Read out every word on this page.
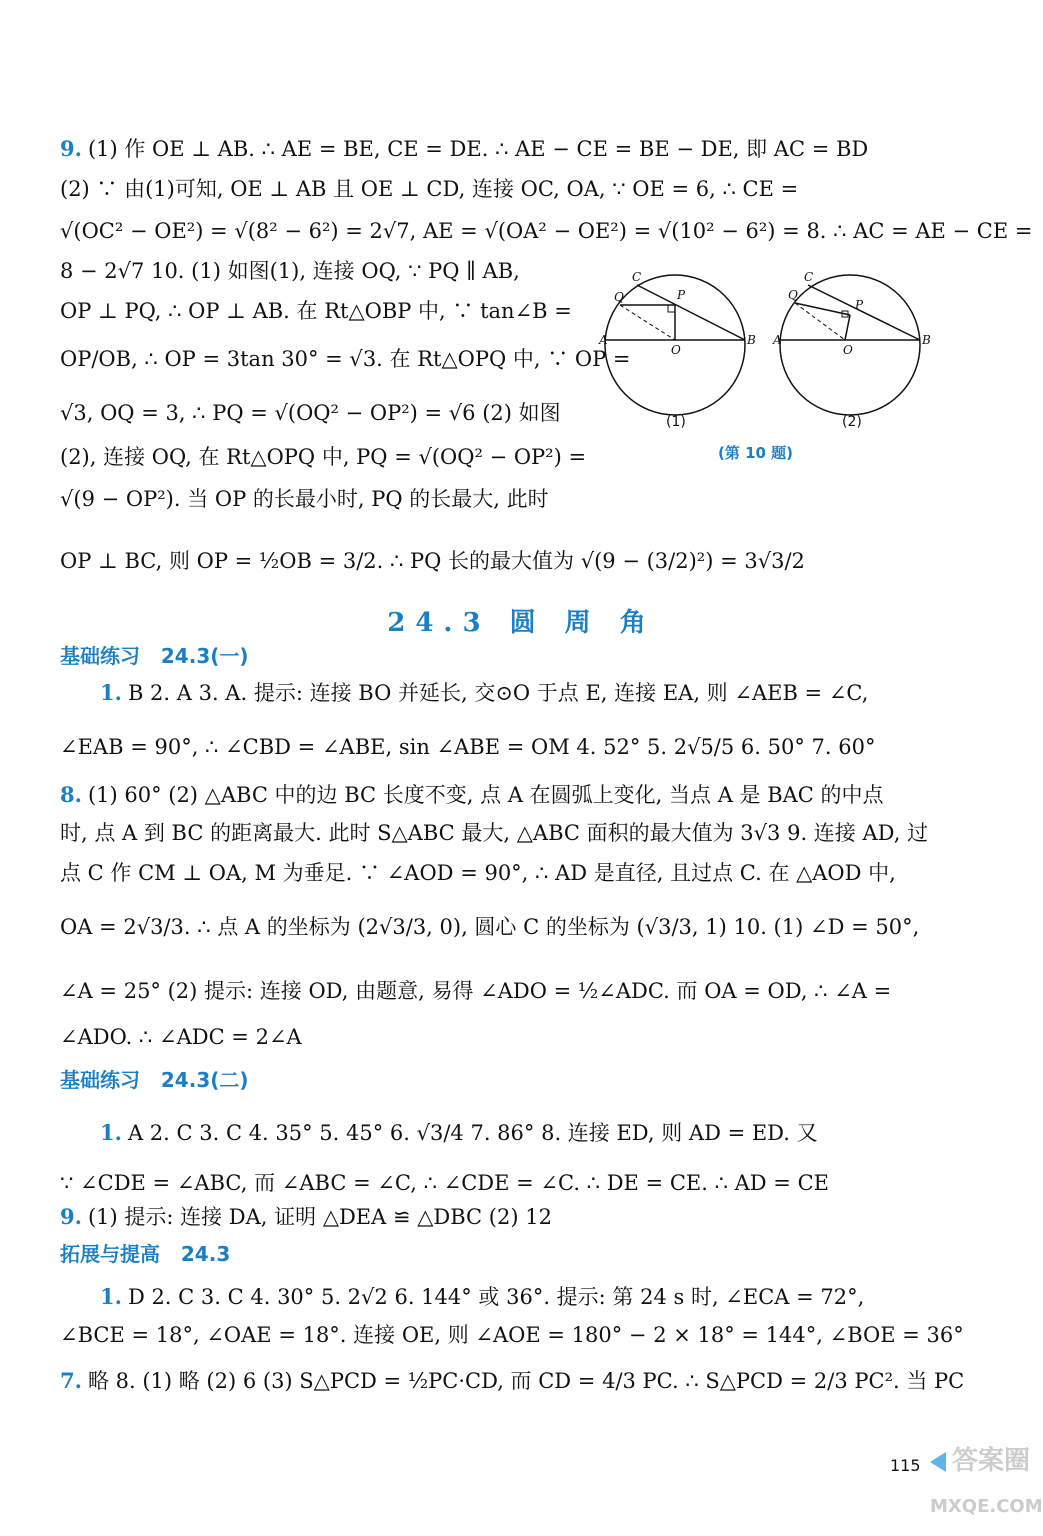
9. (1) 作 OE ⊥ AB. ∴ AE = BE, CE = DE. ∴ AE − CE = BE − DE, 即 AC = BD
(2) ∵ 由(1)可知, OE ⊥ AB 且 OE ⊥ CD, 连接 OC, OA, ∵ OE = 6, ∴ CE =
√(OC² − OE²) = √(8² − 6²) = 2√7, AE = √(OA² − OE²) = √(10² − 6²) = 8. ∴ AC = AE − CE =
8 − 2√7 10. (1) 如图(1), 连接 OQ, ∵ PQ ∥ AB,
OP ⊥ PQ, ∴ OP ⊥ AB. 在 Rt△OBP 中, ∵ tan∠B =
OP/OB, ∴ OP = 3tan 30° = √3. 在 Rt△OPQ 中, ∵ OP =
√3, OQ = 3, ∴ PQ = √(OQ² − OP²) = √6 (2) 如图
(2), 连接 OQ, 在 Rt△OPQ 中, PQ = √(OQ² − OP²) =
√(9 − OP²). 当 OP 的长最小时, PQ 的长最大, 此时
OP ⊥ BC, 则 OP = ½OB = 3/2. ∴ PQ 长的最大值为 √(9 − (3/2)²) = 3√3/2
C
Q	P
A
O
B
C
Q
P
A
O
B
(1)	(2)
(第 10 题)
24.3 圆 周 角
基础练习 24.3(一)
1. B 2. A 3. A. 提示: 连接 BO 并延长, 交⊙O 于点 E, 连接 EA, 则 ∠AEB = ∠C,
∠EAB = 90°, ∴ ∠CBD = ∠ABE, sin ∠ABE = OM 4. 52° 5. 2√5/5 6. 50° 7. 60°
8. (1) 60° (2) △ABC 中的边 BC 长度不变, 点 A 在圆弧上变化, 当点 A 是 BAC 的中点
时, 点 A 到 BC 的距离最大. 此时 S△ABC 最大, △ABC 面积的最大值为 3√3 9. 连接 AD, 过
点 C 作 CM ⊥ OA, M 为垂足. ∵ ∠AOD = 90°, ∴ AD 是直径, 且过点 C. 在 △AOD 中,
OA = 2√3/3. ∴ 点 A 的坐标为 (2√3/3, 0), 圆心 C 的坐标为 (√3/3, 1) 10. (1) ∠D = 50°,
∠A = 25° (2) 提示: 连接 OD, 由题意, 易得 ∠ADO = ½∠ADC. 而 OA = OD, ∴ ∠A =
∠ADO. ∴ ∠ADC = 2∠A
基础练习 24.3(二)
1. A 2. C 3. C 4. 35° 5. 45° 6. √3/4 7. 86° 8. 连接 ED, 则 AD = ED. 又
∵ ∠CDE = ∠ABC, 而 ∠ABC = ∠C, ∴ ∠CDE = ∠C. ∴ DE = CE. ∴ AD = CE
9. (1) 提示: 连接 DA, 证明 △DEA ≌ △DBC (2) 12
拓展与提高 24.3
1. D 2. C 3. C 4. 30° 5. 2√2 6. 144° 或 36°. 提示: 第 24 s 时, ∠ECA = 72°,
∠BCE = 18°, ∠OAE = 18°. 连接 OE, 则 ∠AOE = 180° − 2 × 18° = 144°, ∠BOE = 36°
7. 略 8. (1) 略 (2) 6 (3) S△PCD = ½PC·CD, 而 CD = 4/3 PC. ∴ S△PCD = 2/3 PC². 当 PC
115 答案圈
MXQE.COM
